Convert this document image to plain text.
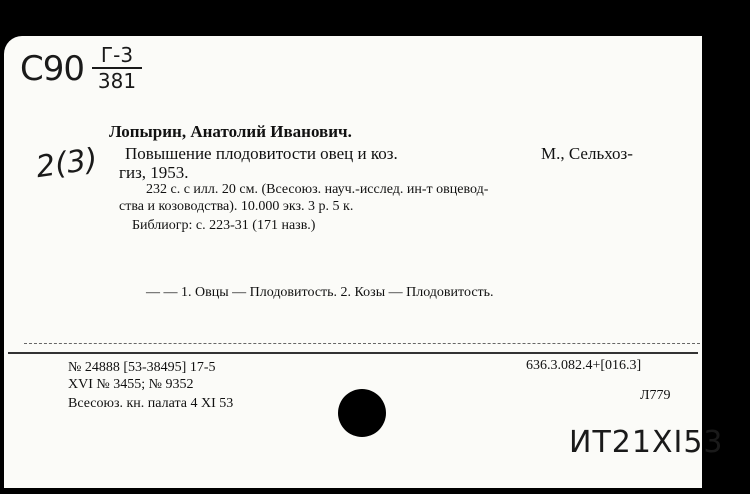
C90 Г-3
381
2(3)
Лопырин, Анатолий Иванович.
Повышение плодовитости овец и коз.	М., Сельхоз-
гиз, 1953.
232 с. с илл. 20 см. (Всесоюз. науч.-исслед. ин-т овцевод-
ства и козоводства). 10.000 экз. 3 р. 5 к.
Библиогр: с. 223-31 (171 назв.)
— — 1. Овцы — Плодовитость. 2. Козы — Плодовитость.
№ 24888 [53-38495] 17-5
XVI № 3455; № 9352
Всесоюз. кн. палата 4 XI 53
636.3.082.4+[016.3]
Л779
ИТ21XI53
